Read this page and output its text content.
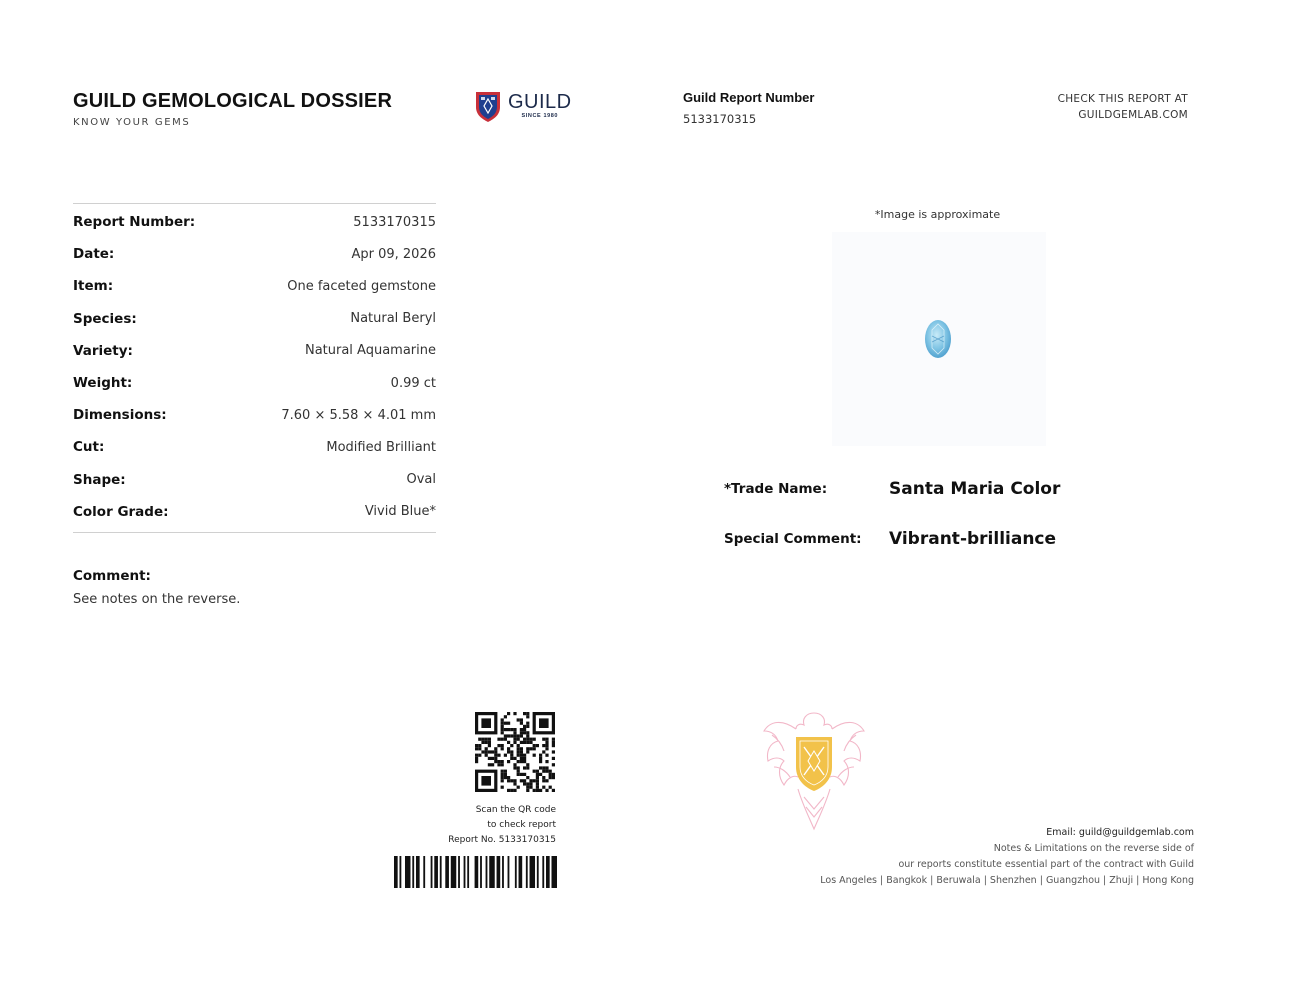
GUILD GEMOLOGICAL DOSSIER
KNOW YOUR GEMS
GUILD
SINCE 1980
Guild Report Number
5133170315
CHECK THIS REPORT AT
GUILDGEMLAB.COM
Report Number:	5133170315
Date:	Apr 09, 2026
Item:	One faceted gemstone
Species:	Natural Beryl
Variety:	Natural Aquamarine
Weight:	0.99 ct
Dimensions:	7.60 × 5.58 × 4.01 mm
Cut:	Modified Brilliant
Shape:	Oval
Color Grade:	Vivid Blue*
Comment:
See notes on the reverse.
*Image is approximate
*Trade Name:	Santa Maria Color
Special Comment: Vibrant-brilliance
Scan the QR code
to check report
Report No. 5133170315
Email: guild@guildgemlab.com
Notes & Limitations on the reverse side of
our reports constitute essential part of the contract with Guild
Los Angeles | Bangkok | Beruwala | Shenzhen | Guangzhou | Zhuji | Hong Kong
